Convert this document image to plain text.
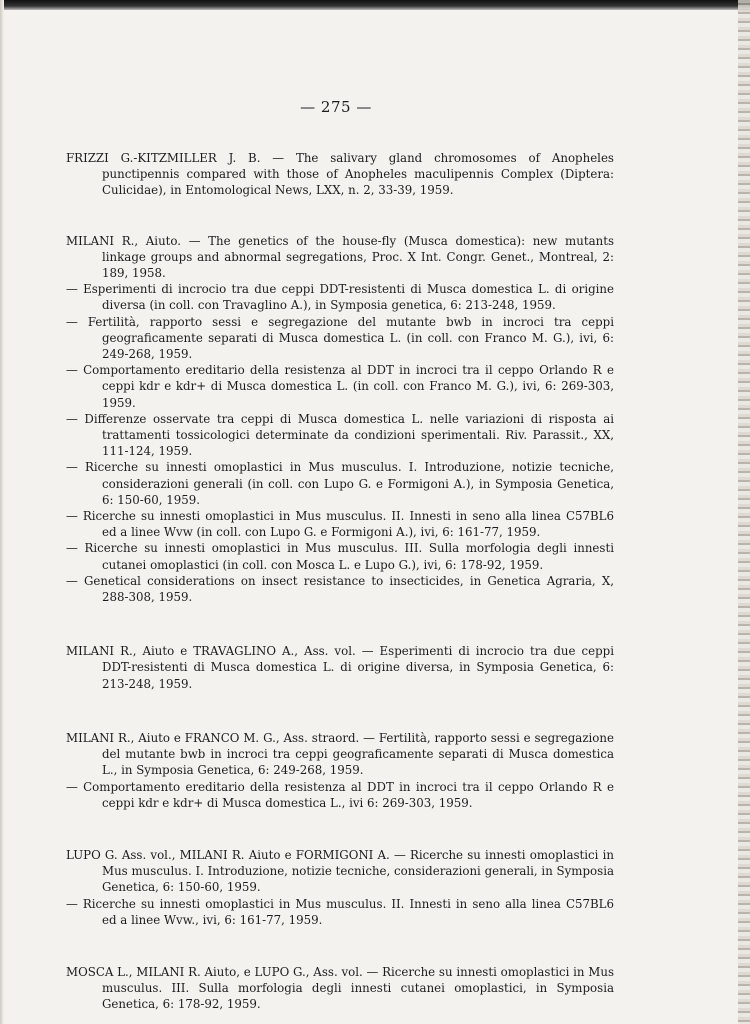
— 275 —
FRIZZI G.-KITZMILLER J. B. — The salivary gland chromosomes of Anopheles punctipennis compared with those of Anopheles maculipennis Complex (Diptera: Culicidae), in Entomological News, LXX, n. 2, 33-39, 1959.
MILANI R., Aiuto. — The genetics of the house-fly (Musca domestica): new mutants linkage groups and abnormal segregations, Proc. X Int. Congr. Genet., Montreal, 2: 189, 1958.
— Esperimenti di incrocio tra due ceppi DDT-resistenti di Musca domestica L. di origine diversa (in coll. con Travaglino A.), in Symposia genetica, 6: 213-248, 1959.
— Fertilità, rapporto sessi e segregazione del mutante bwb in incroci tra ceppi geograficamente separati di Musca domestica L. (in coll. con Franco M. G.), ivi, 6: 249-268, 1959.
— Comportamento ereditario della resistenza al DDT in incroci tra il ceppo Orlando R e ceppi kdr e kdr+ di Musca domestica L. (in coll. con Franco M. G.), ivi, 6: 269-303, 1959.
— Differenze osservate tra ceppi di Musca domestica L. nelle variazioni di risposta ai trattamenti tossicologici determinate da condizioni sperimentali. Riv. Parassit., XX, 111-124, 1959.
— Ricerche su innesti omoplastici in Mus musculus. I. Introduzione, notizie tecniche, considerazioni generali (in coll. con Lupo G. e Formigoni A.), in Symposia Genetica, 6: 150-60, 1959.
— Ricerche su innesti omoplastici in Mus musculus. II. Innesti in seno alla linea C57BL6 ed a linee Wvw (in coll. con Lupo G. e Formigoni A.), ivi, 6: 161-77, 1959.
— Ricerche su innesti omoplastici in Mus musculus. III. Sulla morfologia degli innesti cutanei omoplastici (in coll. con Mosca L. e Lupo G.), ivi, 6: 178-92, 1959.
— Genetical considerations on insect resistance to insecticides, in Genetica Agraria, X, 288-308, 1959.
MILANI R., Aiuto e TRAVAGLINO A., Ass. vol. — Esperimenti di incrocio tra due ceppi DDT-resistenti di Musca domestica L. di origine diversa, in Symposia Genetica, 6: 213-248, 1959.
MILANI R., Aiuto e FRANCO M. G., Ass. straord. — Fertilità, rapporto sessi e segregazione del mutante bwb in incroci tra ceppi geograficamente separati di Musca domestica L., in Symposia Genetica, 6: 249-268, 1959.
— Comportamento ereditario della resistenza al DDT in incroci tra il ceppo Orlando R e ceppi kdr e kdr+ di Musca domestica L., ivi 6: 269-303, 1959.
LUPO G. Ass. vol., MILANI R. Aiuto e FORMIGONI A. — Ricerche su innesti omoplastici in Mus musculus. I. Introduzione, notizie tecniche, considerazioni generali, in Symposia Genetica, 6: 150-60, 1959.
— Ricerche su innesti omoplastici in Mus musculus. II. Innesti in seno alla linea C57BL6 ed a linee Wvw., ivi, 6: 161-77, 1959.
MOSCA L., MILANI R. Aiuto, e LUPO G., Ass. vol. — Ricerche su innesti omoplastici in Mus musculus. III. Sulla morfologia degli innesti cutanei omoplastici, in Symposia Genetica, 6: 178-92, 1959.
